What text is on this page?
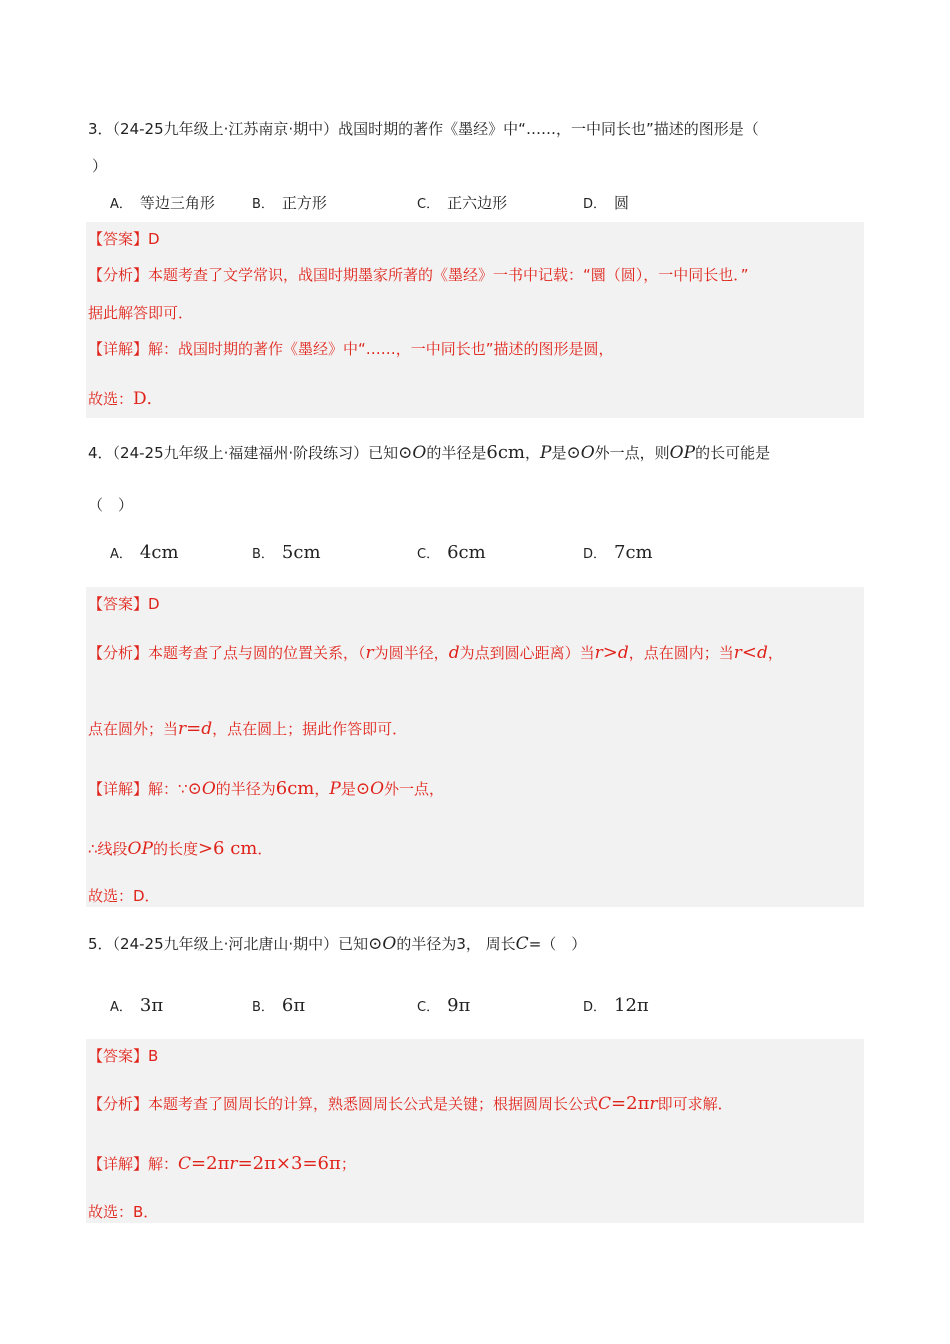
3．（24-25九年级上·江苏南京·期中）战国时期的著作《墨经》中“……，一中同长也”描述的图形是（
）
A． 等边三角形	B． 正方形	C． 正六边形	D． 圆
【答案】D
【分析】本题考查了文学常识，战国时期墨家所著的《墨经》一书中记载：“圜（圆），一中同长也．”
据此解答即可．
【详解】解：战国时期的著作《墨经》中“……，一中同长也”描述的图形是圆，
故选：D．
4．（24-25九年级上·福建福州·阶段练习）已知⊙O的半径是6cm，P是⊙O外一点，则OP的长可能是
（　）
A． 4cm	B． 5cm	C． 6cm	D． 7cm
【答案】D
【分析】本题考查了点与圆的位置关系，（r为圆半径，d为点到圆心距离）当r>d，点在圆内；当r<d，
点在圆外；当r=d，点在圆上；据此作答即可．
【详解】解：∵⊙O的半径为6cm，P是⊙O外一点，
∴线段OP的长度>6 cm．
故选：D．
5．（24-25九年级上·河北唐山·期中）已知⊙O的半径为3， 周长C=（　）
A． 3π	B． 6π	C． 9π	D． 12π
【答案】B
【分析】本题考查了圆周长的计算，熟悉圆周长公式是关键；根据圆周长公式C=2πr即可求解．
【详解】解：C=2πr=2π×3=6π；
故选：B．
